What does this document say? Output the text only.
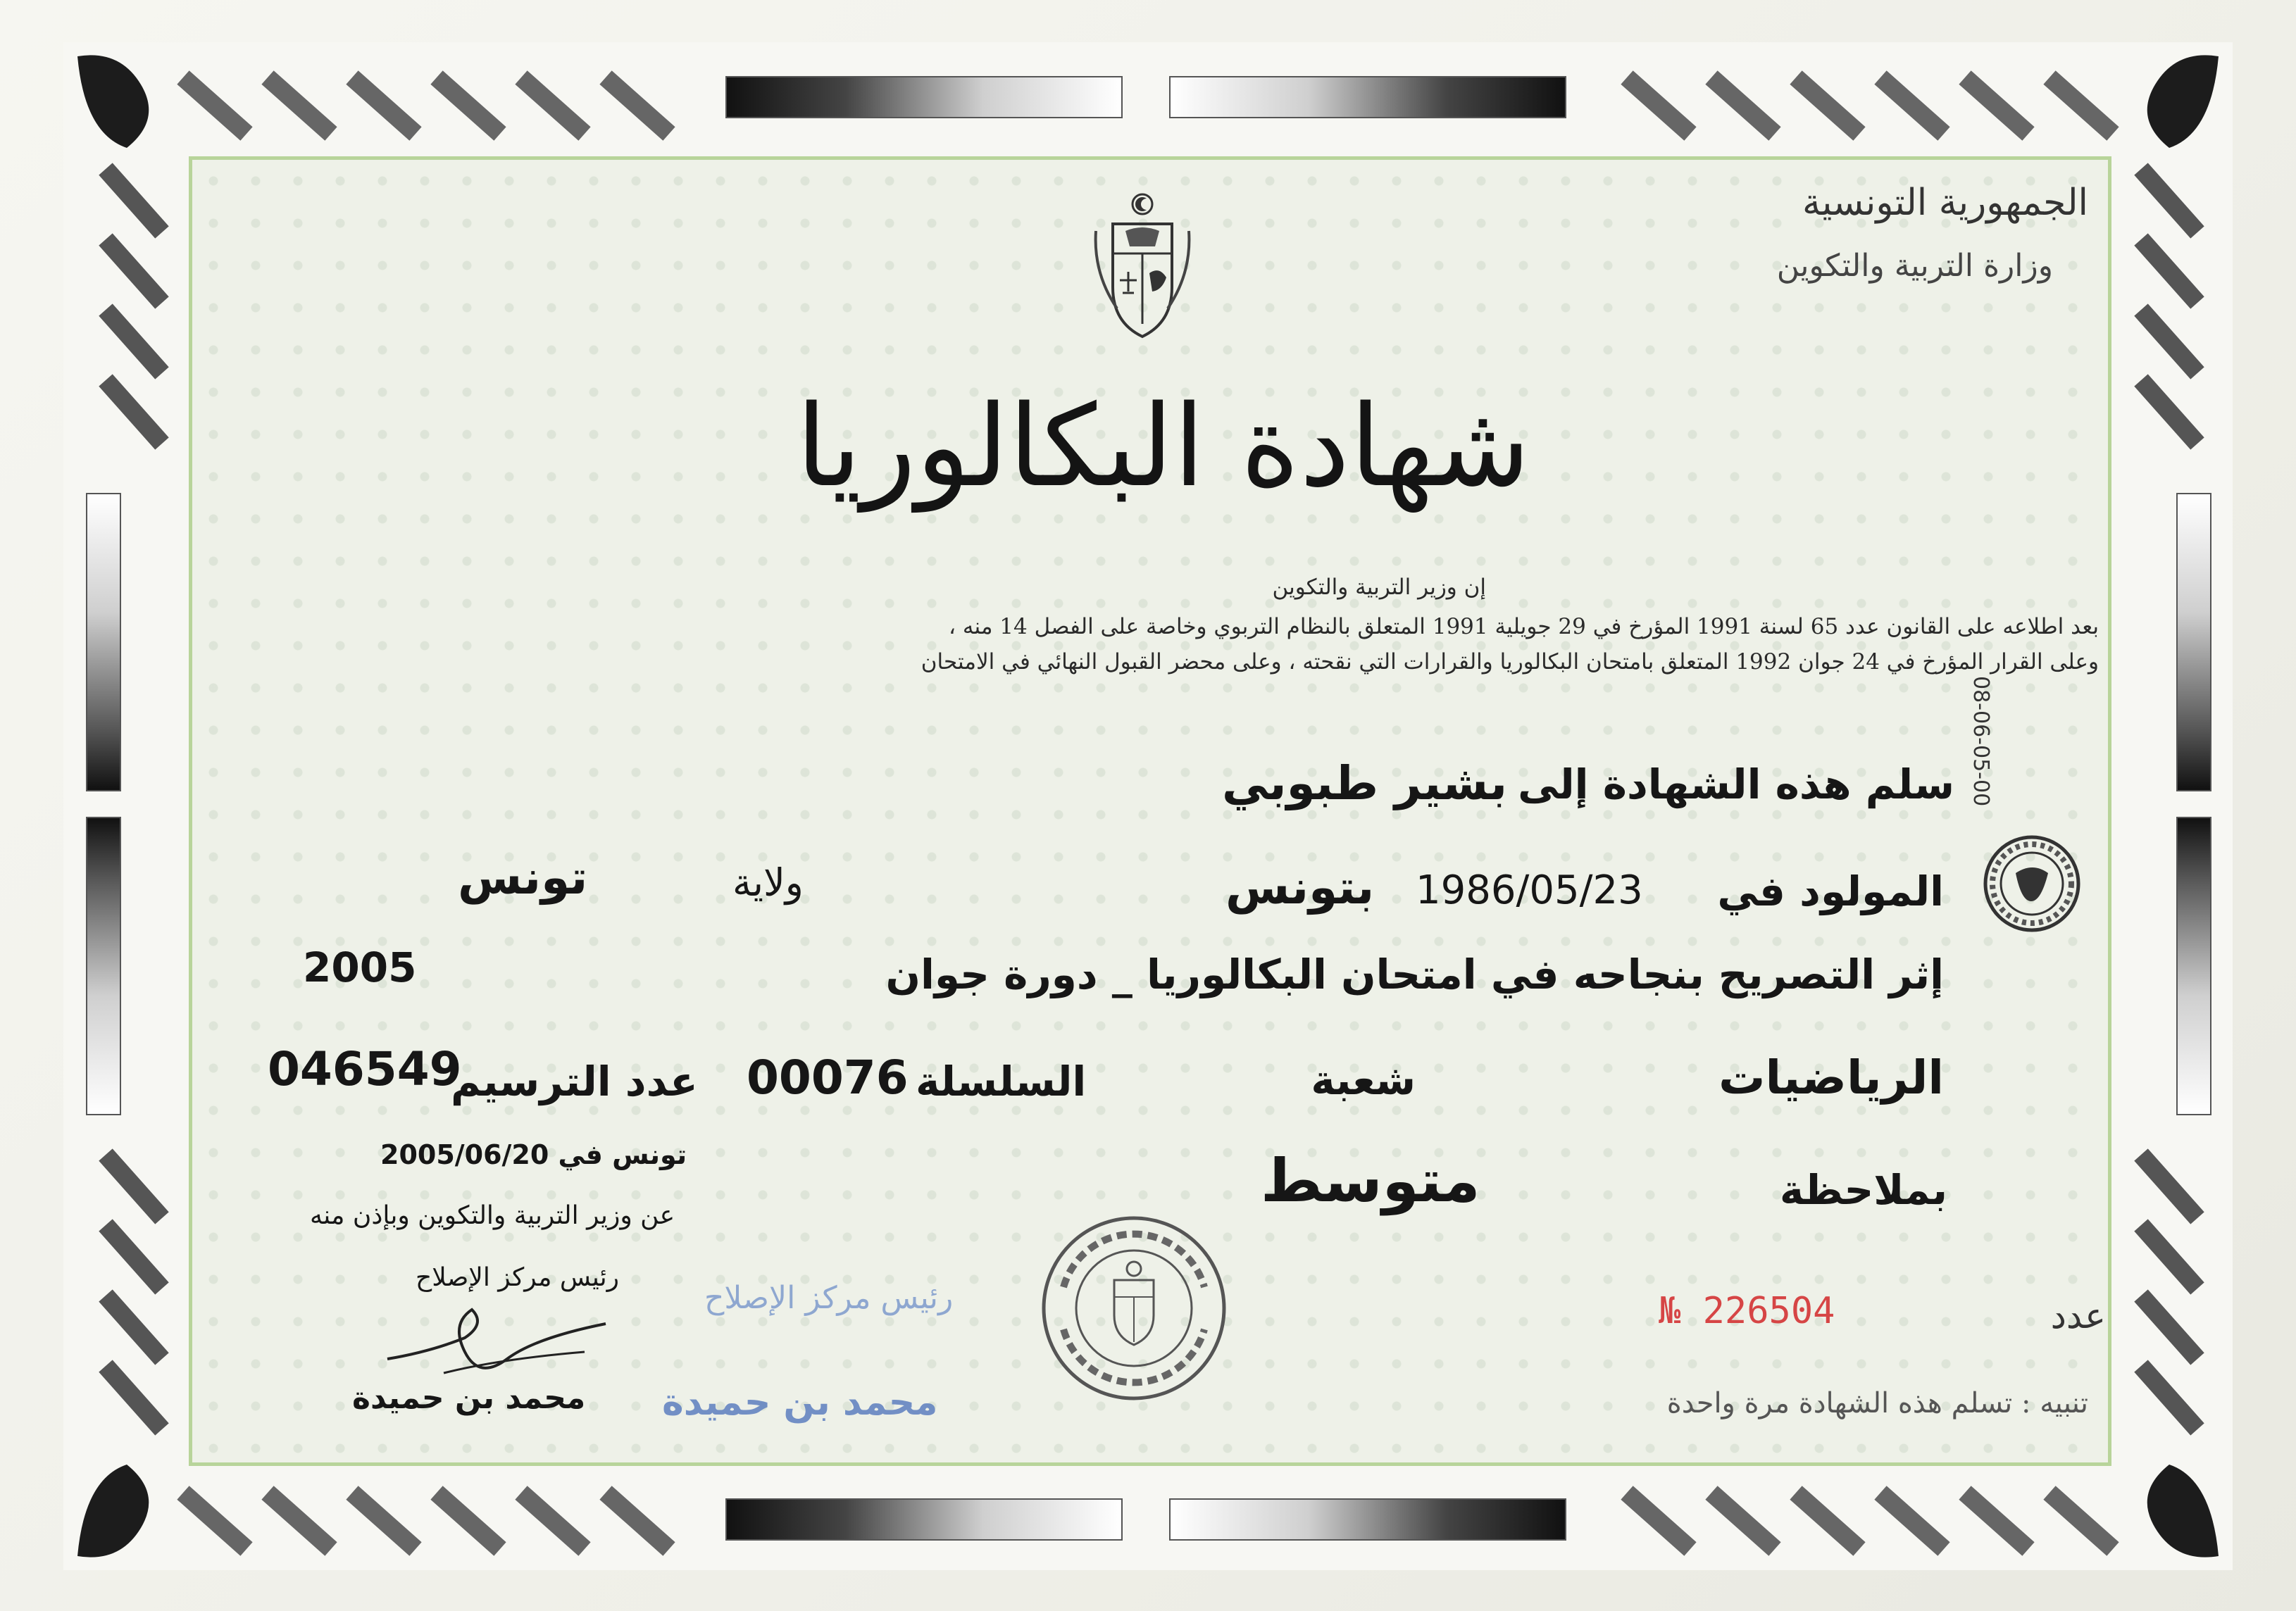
الجمهورية التونسية
وزارة التربية والتكوين
شهادة البكالوريا
إن وزير التربية والتكوين
بعد اطلاعه على القانون عدد 65 لسنة 1991 المؤرخ في 29 جويلية 1991 المتعلق بالنظام التربوي وخاصة على الفصل 14 منه ،
وعلى القرار المؤرخ في 24 جوان 1992 المتعلق بامتحان البكالوريا والقرارات التي نقحته ، وعلى محضر القبول النهائي في الامتحان
سلم هذه الشهادة إلى
بشير طبوبي
المولود في
1986/05/23
بتونس
ولاية
تونس
إثر التصريح بنجاحه في امتحان البكالوريا _ دورة جوان
2005
الرياضيات
شعبة
السلسلة
00076
عدد الترسيم
046549
بملاحظة
متوسط
تونس في 2005/06/20
عن وزير التربية والتكوين وبإذن منه
رئيس مركز الإصلاح
محمد بن حميدة
رئيس مركز الإصلاح
محمد بن حميدة
08-06-05-00
عدد
№ 226504
تنبيه : تسلم هذه الشهادة مرة واحدة
